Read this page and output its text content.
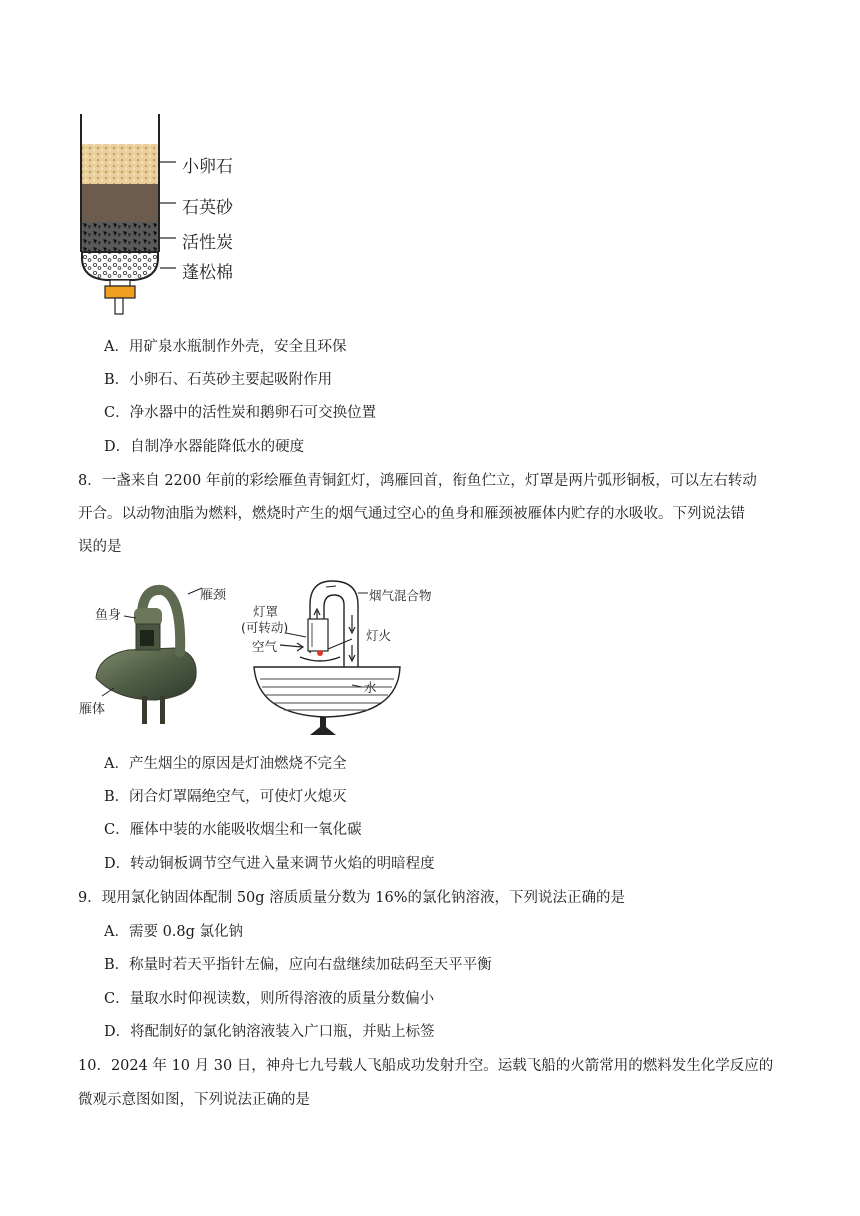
小卵石
石英砂
活性炭
蓬松棉
A．用矿泉水瓶制作外壳，安全且环保
B．小卵石、石英砂主要起吸附作用
C．净水器中的活性炭和鹅卵石可交换位置
D．自制净水器能降低水的硬度
8．一盏来自 2200 年前的彩绘雁鱼青铜釭灯，鸿雁回首，衔鱼伫立，灯罩是两片弧形铜板，可以左右转动
开合。以动物油脂为燃料，燃烧时产生的烟气通过空心的鱼身和雁颈被雁体内贮存的水吸收。下列说法错
误的是
鱼身
雁颈
雁体
烟气混合物
灯罩
(可转动)
空气
灯火
水
A．产生烟尘的原因是灯油燃烧不完全
B．闭合灯罩隔绝空气，可使灯火熄灭
C．雁体中装的水能吸收烟尘和一氧化碳
D．转动铜板调节空气进入量来调节火焰的明暗程度
9．现用氯化钠固体配制 50g 溶质质量分数为 16%的氯化钠溶液，下列说法正确的是
A．需要 0.8g 氯化钠
B．称量时若天平指针左偏，应向右盘继续加砝码至天平平衡
C．量取水时仰视读数，则所得溶液的质量分数偏小
D．将配制好的氯化钠溶液装入广口瓶，并贴上标签
10．2024 年 10 月 30 日，神舟七九号载人飞船成功发射升空。运载飞船的火箭常用的燃料发生化学反应的
微观示意图如图，下列说法正确的是
